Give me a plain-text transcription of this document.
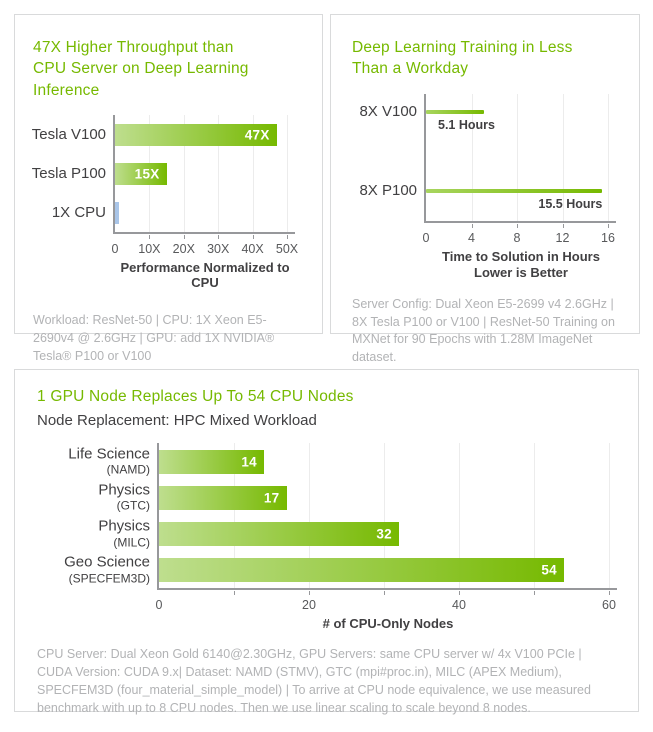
47X Higher Throughput than CPU Server on Deep Learning Inference
Tesla V100
Tesla P100
1X CPU
47X
15X
0 10X 20X 30X 40X 50X
Performance Normalized to CPU

Workload: ResNet-50 | CPU: 1X Xeon E5-2690v4 @ 2.6GHz | GPU: add 1X NVIDIA® Tesla® P100 or V100

Deep Learning Training in Less Than a Workday
8X V100
8X P100
5.1 Hours
15.5 Hours
0	4	8	12	16
Time to Solution in Hours
Lower is Better

Server Config: Dual Xeon E5-2699 v4 2.6GHz | 8X Tesla P100 or V100 | ResNet-50 Training on MXNet for 90 Epochs with 1.28M ImageNet dataset.

1 GPU Node Replaces Up To 54 CPU Nodes

Node Replacement: HPC Mixed Workload

Life Science
(NAMD)
Physics
(GTC)
Physics
(MILC)
Geo Science
(SPECFEM3D)
14
17
32
54
0	20	40	60
# of CPU-Only Nodes

CPU Server: Dual Xeon Gold 6140@2.30GHz, GPU Servers: same CPU server w/ 4x V100 PCIe | CUDA Version: CUDA 9.x| Dataset: NAMD (STMV), GTC (mpi#proc.in), MILC (APEX Medium), SPECFEM3D (four_material_simple_model) | To arrive at CPU node equivalence, we use measured benchmark with up to 8 CPU nodes. Then we use linear scaling to scale beyond 8 nodes.
